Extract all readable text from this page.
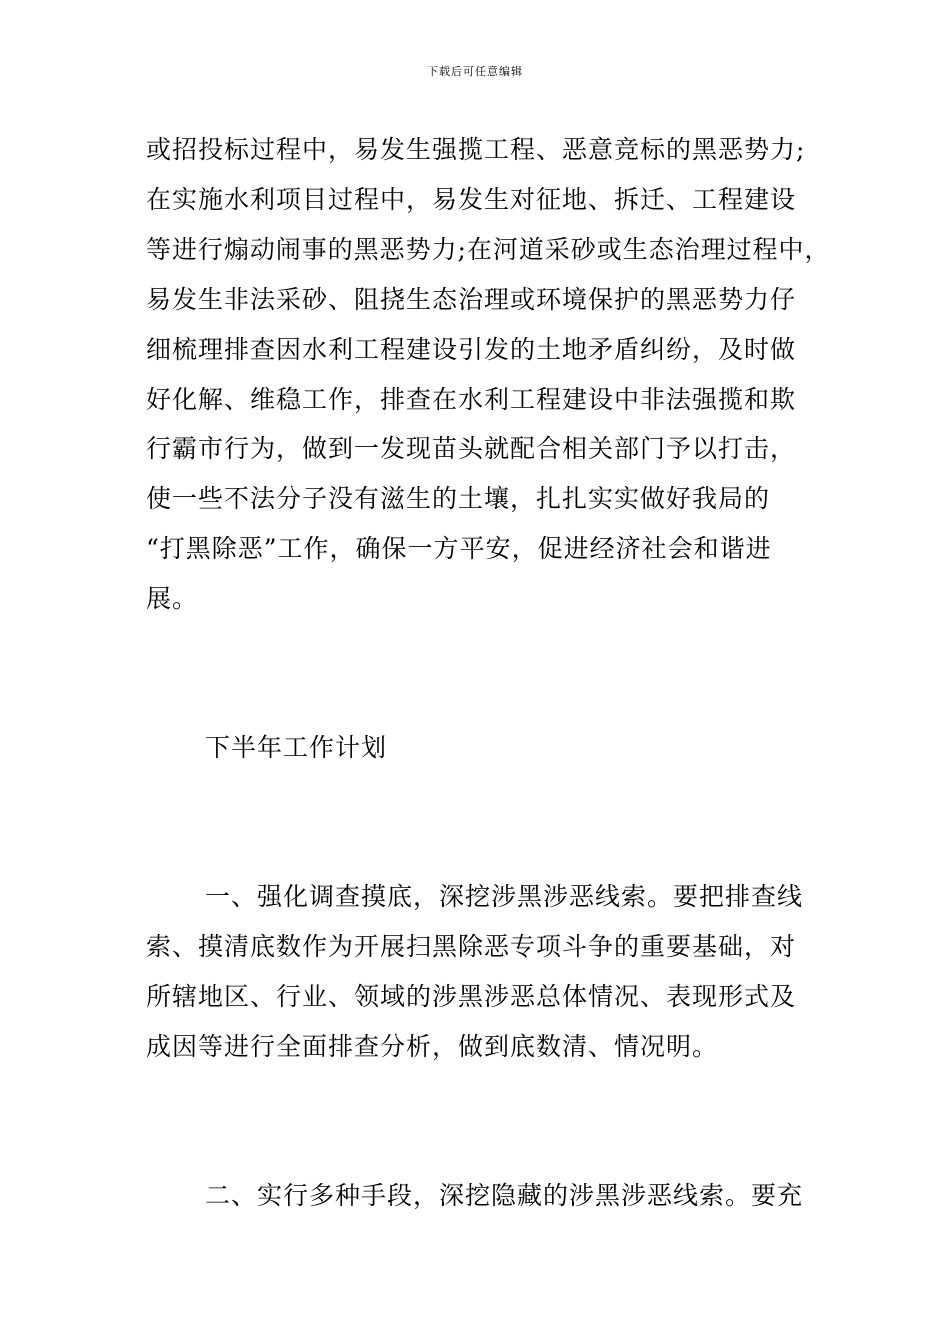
下载后可任意编辑
或招投标过程中，易发生强揽工程、恶意竞标的黑恶势力;
在实施水利项目过程中，易发生对征地、拆迁、工程建设
等进行煽动闹事的黑恶势力;在河道采砂或生态治理过程中，
易发生非法采砂、阻挠生态治理或环境保护的黑恶势力仔
细梳理排查因水利工程建设引发的土地矛盾纠纷，及时做
好化解、维稳工作，排查在水利工程建设中非法强揽和欺
行霸市行为，做到一发现苗头就配合相关部门予以打击，
使一些不法分子没有滋生的土壤，扎扎实实做好我局的
“打黑除恶”工作，确保一方平安，促进经济社会和谐进
展。
下半年工作计划
一、强化调查摸底，深挖涉黑涉恶线索。要把排查线
索、摸清底数作为开展扫黑除恶专项斗争的重要基础，对
所辖地区、行业、领域的涉黑涉恶总体情况、表现形式及
成因等进行全面排查分析，做到底数清、情况明。
二、实行多种手段，深挖隐藏的涉黑涉恶线索。要充
